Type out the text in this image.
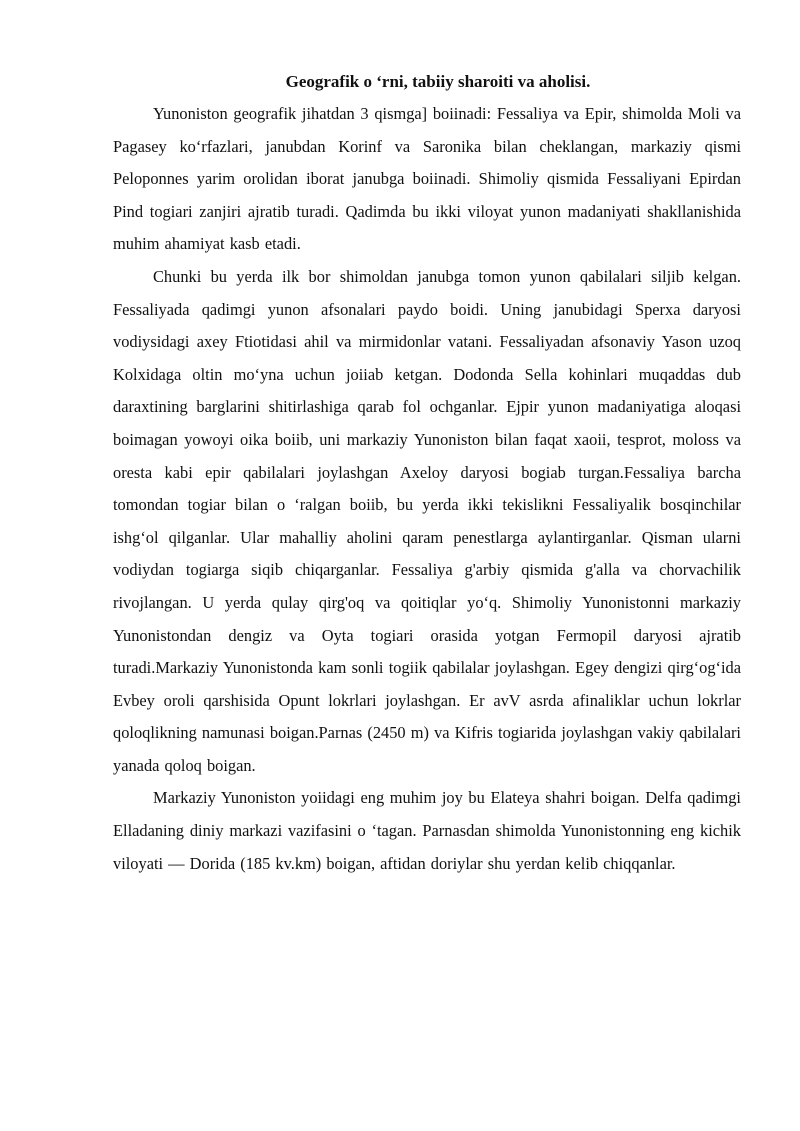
Geografik o ‘rni, tabiiy sharoiti va aholisi.

Yunoniston geografik jihatdan 3 qismga] boiinadi: Fessaliya va Epir, shimolda Moli va Pagasey ko‘rfazlari, janubdan Korinf va Saronika bilan cheklangan, markaziy qismi Peloponnes yarim orolidan iborat janubga boiinadi. Shimoliy qismida Fessaliyani Epirdan Pind togiari zanjiri ajratib turadi. Qadimda bu ikki viloyat yunon madaniyati shakllanishida muhim ahamiyat kasb etadi.

Chunki bu yerda ilk bor shimoldan janubga tomon yunon qabilalari siljib kelgan. Fessaliyada qadimgi yunon afsonalari paydo boidi. Uning janubidagi Sperxa daryosi vodiysidagi axey Ftiotidasi ahil va mirmidonlar vatani. Fessaliyadan afsonaviy Yason uzoq Kolxidaga oltin mo‘yna uchun joiiab ketgan. Dodonda Sella kohinlari muqaddas dub daraxtining barglarini shitirlashiga qarab fol ochganlar. Ejpir yunon madaniyatiga aloqasi boimagan yowoyi oika boiib, uni markaziy Yunoniston bilan faqat xaoii, tesprot, moloss va oresta kabi epir qabilalari joylashgan Axeloy daryosi bogiab turgan.Fessaliya barcha tomondan togiar bilan o ‘ralgan boiib, bu yerda ikki tekislikni Fessaliyalik bosqinchilar ishg‘ol qilganlar. Ular mahalliy aholini qaram penestlarga aylantirganlar. Qisman ularni vodiydan togiarga siqib chiqarganlar. Fessaliya g'arbiy qismida g'alla va chorvachilik rivojlangan. U yerda qulay qirg'oq va qoitiqlar yo‘q. Shimoliy Yunonistonni markaziy Yunonistondan dengiz va Oyta togiari orasida yotgan Fermopil daryosi ajratib turadi.Markaziy Yunonistonda kam sonli togiik qabilalar joylashgan. Egey dengizi qirg‘og‘ida Evbey oroli qarshisida Opunt lokrlari joylashgan. Er avV asrda afinaliklar uchun lokrlar qoloqlikning namunasi boigan.Parnas (2450 m) va Kifris togiarida joylashgan vakiy qabilalari yanada qoloq boigan.

Markaziy Yunoniston yoiidagi eng muhim joy bu Elateya shahri boigan. Delfa qadimgi Elladaning diniy markazi vazifasini o ‘tagan. Parnasdan shimolda Yunonistonning eng kichik viloyati — Dorida (185 kv.km) boigan, aftidan doriylar shu yerdan kelib chiqqanlar.
